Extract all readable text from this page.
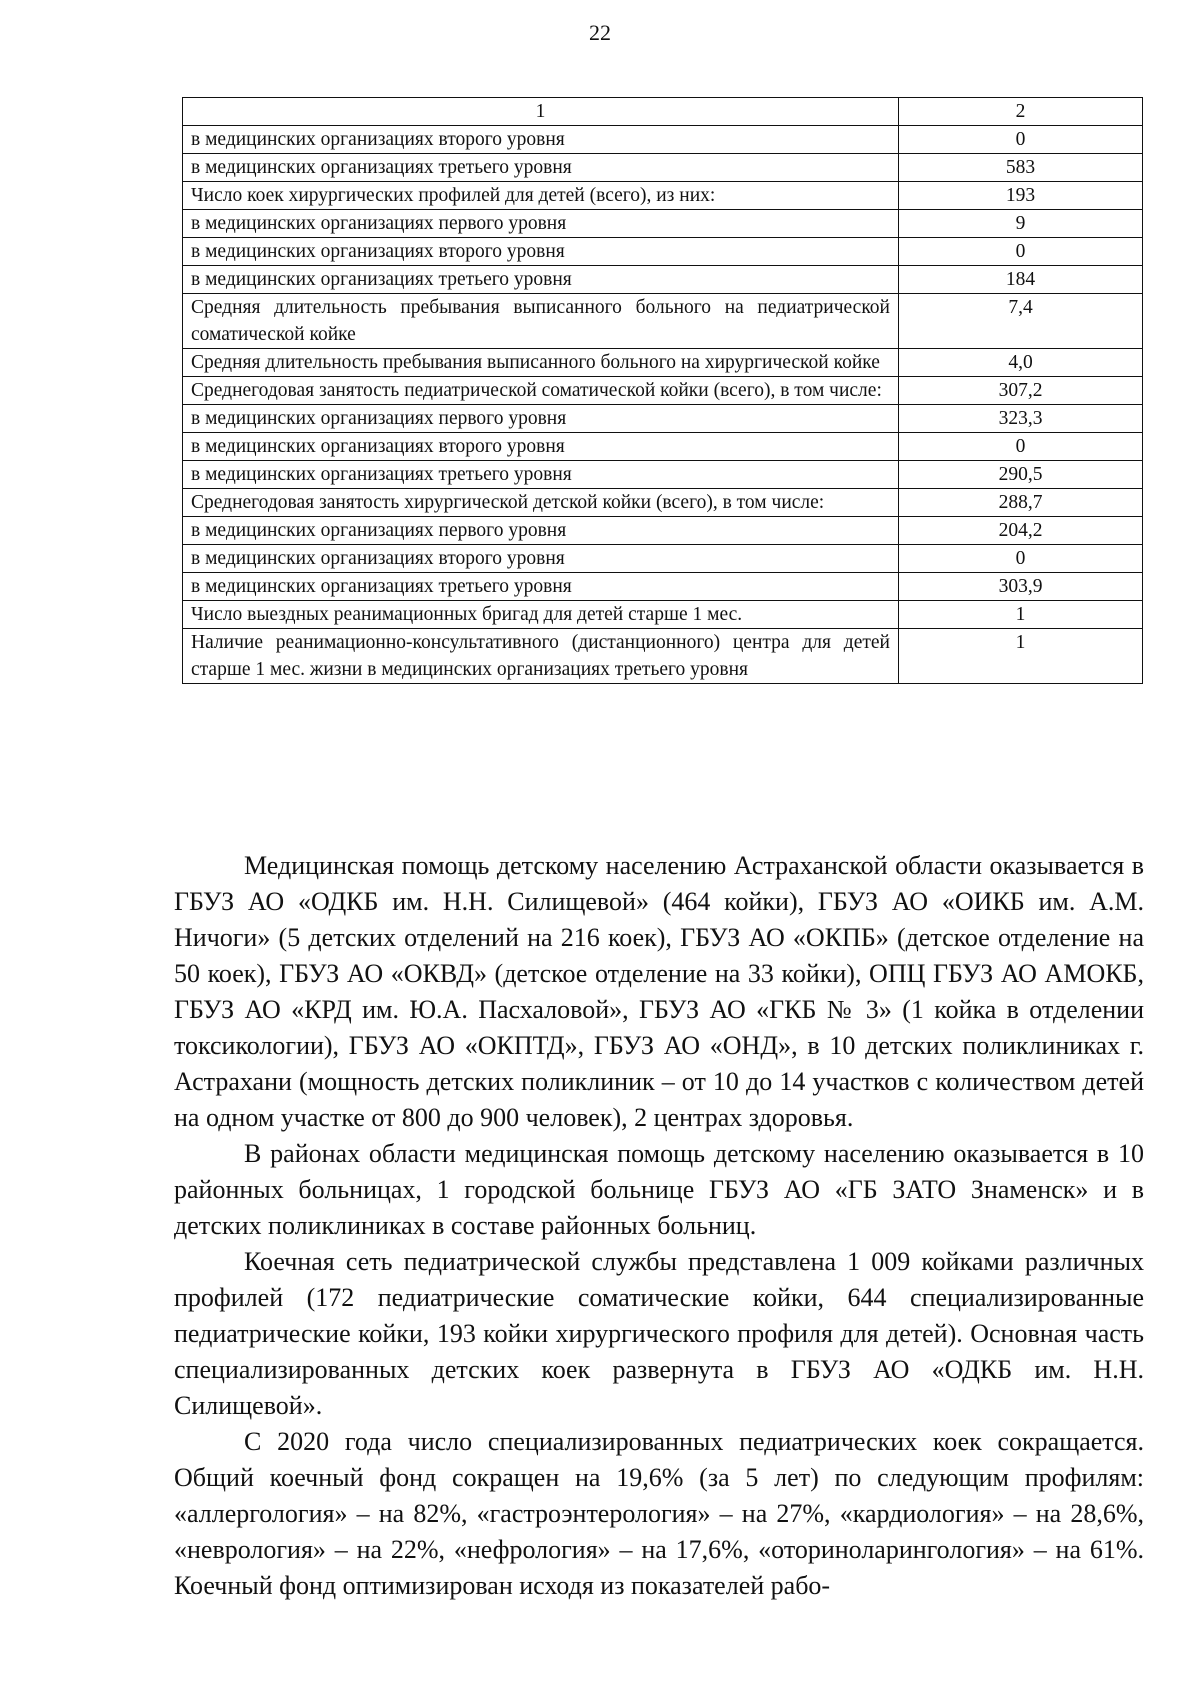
22
1	2
в медицинских организациях второго уровня	0
в медицинских организациях третьего уровня	583
Число коек хирургических профилей для детей (всего), из них:	193
в медицинских организациях первого уровня	9
в медицинских организациях второго уровня	0
в медицинских организациях третьего уровня	184
Средняя длительность пребывания выписанного больного на педиатрической соматической койке	7,4
Средняя длительность пребывания выписанного больного на хирургической койке	4,0
Среднегодовая занятость педиатрической соматической койки (всего), в том числе:	307,2
в медицинских организациях первого уровня	323,3
в медицинских организациях второго уровня	0
в медицинских организациях третьего уровня	290,5
Среднегодовая занятость хирургической детской койки (всего), в том числе:	288,7
в медицинских организациях первого уровня	204,2
в медицинских организациях второго уровня	0
в медицинских организациях третьего уровня	303,9
Число выездных реанимационных бригад для детей старше 1 мес.	1
Наличие реанимационно-консультативного (дистанционного) центра для детей старше 1 мес. жизни в медицинских организациях третьего уровня	1

Медицинская помощь детскому населению Астраханской области оказывается в ГБУЗ АО «ОДКБ им. Н.Н. Силищевой» (464 койки), ГБУЗ АО «ОИКБ им. А.М. Ничоги» (5 детских отделений на 216 коек), ГБУЗ АО «ОКПБ» (детское отделение на 50 коек), ГБУЗ АО «ОКВД» (детское отделение на 33 койки), ОПЦ ГБУЗ АО АМОКБ, ГБУЗ АО «КРД им. Ю.А. Пасхаловой», ГБУЗ АО «ГКБ № 3» (1 койка в отделении токсикологии), ГБУЗ АО «ОКПТД», ГБУЗ АО «ОНД», в 10 детских поликлиниках г. Астрахани (мощность детских поликлиник – от 10 до 14 участков с количеством детей на одном участке от 800 до 900 человек), 2 центрах здоровья.

В районах области медицинская помощь детскому населению оказывается в 10 районных больницах, 1 городской больнице ГБУЗ АО «ГБ ЗАТО Знаменск» и в детских поликлиниках в составе районных больниц.

Коечная сеть педиатрической службы представлена 1 009 койками различных профилей (172 педиатрические соматические койки, 644 специализированные педиатрические койки, 193 койки хирургического профиля для детей). Основная часть специализированных детских коек развернута в ГБУЗ АО «ОДКБ им. Н.Н. Силищевой».

С 2020 года число специализированных педиатрических коек сокращается. Общий коечный фонд сокращен на 19,6% (за 5 лет) по следующим профилям: «аллергология» – на 82%, «гастроэнтерология» – на 27%, «кардиология» – на 28,6%, «неврология» – на 22%, «нефрология» – на 17,6%, «оториноларингология» – на 61%. Коечный фонд оптимизирован исходя из показателей рабо-
